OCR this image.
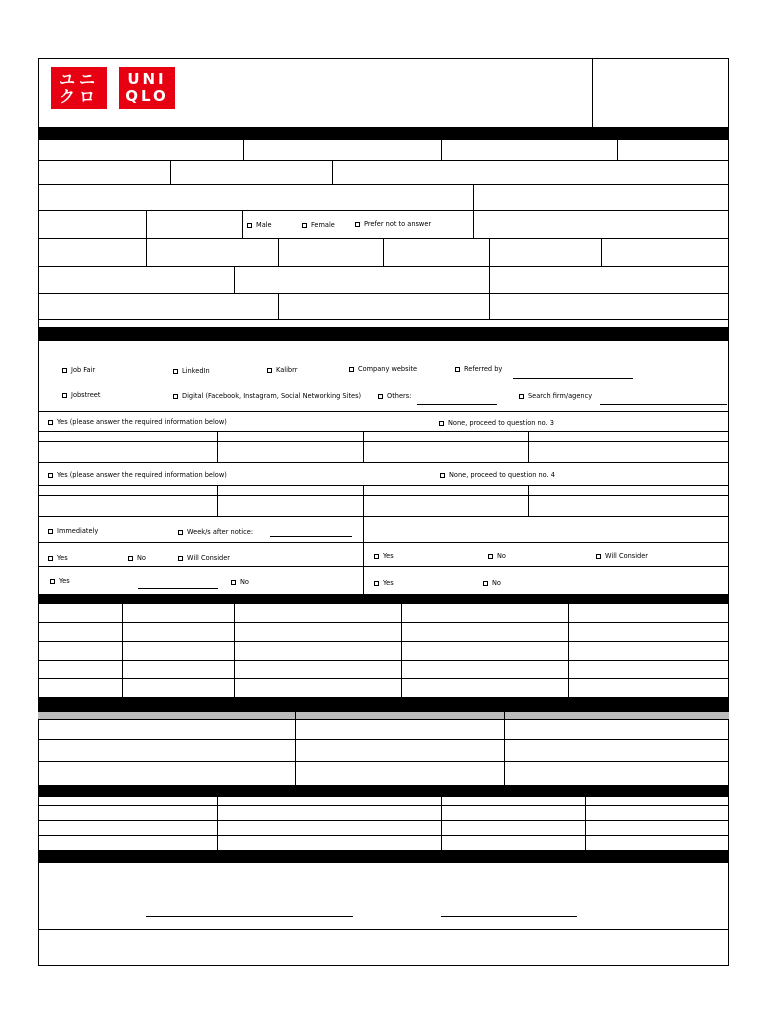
ユニ
クロ
UNI
QLO
Male	Female	Prefer not to answer
Job Fair	LinkedIn	Kalibrr	Company website	Referred by
Jobstreet	Digital (Facebook, Instagram, Social Networking Sites)	Others:	Search firm/agency
Yes (please answer the required information below)	None, proceed to question no. 3
Yes (please answer the required information below)	None, proceed to question no. 4
Immediately	Week/s after notice:
Yes	No	Will Consider	Yes	No	Will Consider
Yes	No	Yes	No
